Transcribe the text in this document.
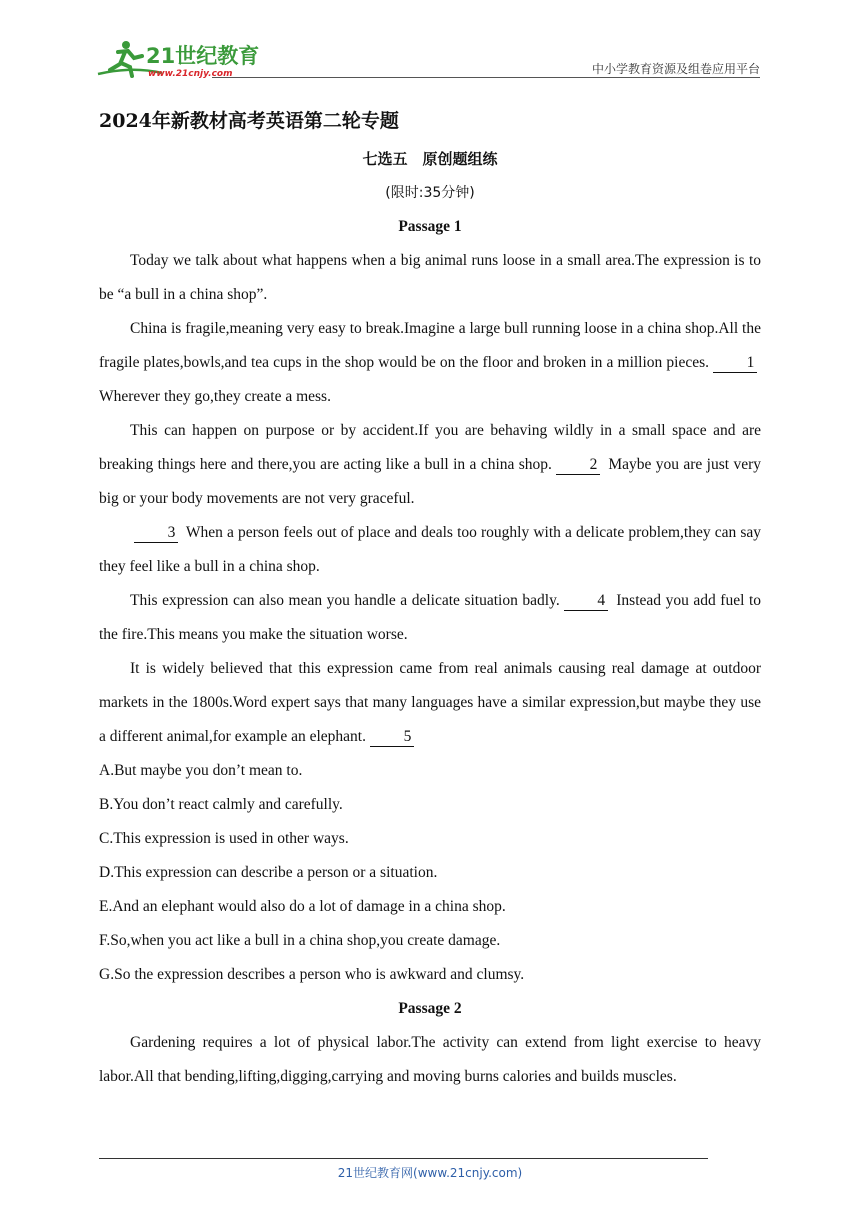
21世纪教育
www.21cnjy.com	中小学教育资源及组卷应用平台
2024年新教材高考英语第二轮专题
七选五　原创题组练
(限时:35分钟)
Passage 1

Today we talk about what happens when a big animal runs loose in a small area.The expression is to be “a bull in a china shop”.

China is fragile,meaning very easy to break.Imagine a large bull running loose in a china shop.All the fragile plates,bowls,and tea cups in the shop would be on the floor and broken in a million pieces. 1 Wherever they go,they create a mess.

This can happen on purpose or by accident.If you are behaving wildly in a small space and are breaking things here and there,you are acting like a bull in a china shop. 2 Maybe you are just very big or your body movements are not very graceful.

3 When a person feels out of place and deals too roughly with a delicate problem,they can say they feel like a bull in a china shop.

This expression can also mean you handle a delicate situation badly. 4 Instead you add fuel to the fire.This means you make the situation worse.

It is widely believed that this expression came from real animals causing real damage at outdoor markets in the 1800s.Word expert says that many languages have a similar expression,but maybe they use a different animal,for example an elephant. 5

A.But maybe you don’t mean to.
B.You don’t react calmly and carefully.
C.This expression is used in other ways.
D.This expression can describe a person or a situation.
E.And an elephant would also do a lot of damage in a china shop.
F.So,when you act like a bull in a china shop,you create damage.
G.So the expression describes a person who is awkward and clumsy.
Passage 2

Gardening requires a lot of physical labor.The activity can extend from light exercise to heavy labor.All that bending,lifting,digging,carrying and moving burns calories and builds muscles.

21世纪教育网(www.21cnjy.com)
